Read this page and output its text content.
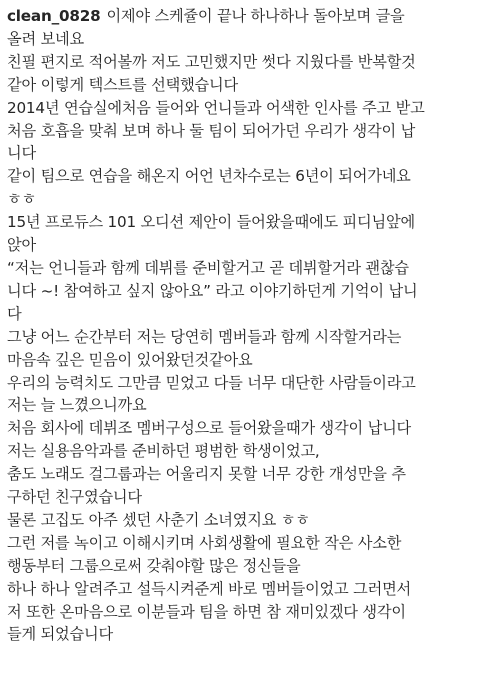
clean_0828 이제야 스케쥴이 끝나 하나하나 돌아보며 글을
올려 보네요
친필 편지로 적어볼까 저도 고민했지만 썻다 지웠다를 반복할것
같아 이렇게 텍스트를 선택했습니다
2014년 연습실에처음 들어와 언니들과 어색한 인사를 주고 받고
처음 호흡을 맞춰 보며 하나 둘 팀이 되어가던 우리가 생각이 납
니다
같이 팀으로 연습을 해온지 어언 년차수로는 6년이 되어가네요
ㅎㅎ
15년 프로듀스 101 오디션 제안이 들어왔을때에도 피디님앞에
앉아
“저는 언니들과 함께 데뷔를 준비할거고 곧 데뷔할거라 괜찮습
니다 ~! 참여하고 싶지 않아요” 라고 이야기하던게 기억이 납니
다
그냥 어느 순간부터 저는 당연히 멤버들과 함께 시작할거라는
마음속 깊은 믿음이 있어왔던것같아요
우리의 능력치도 그만큼 믿었고 다들 너무 대단한 사람들이라고
저는 늘 느꼈으니까요
처음 회사에 데뷔조 멤버구성으로 들어왔을때가 생각이 납니다
저는 실용음악과를 준비하던 평범한 학생이었고,
춤도 노래도 걸그룹과는 어울리지 못할 너무 강한 개성만을 추
구하던 친구였습니다
물론 고집도 아주 셌던 사춘기 소녀였지요 ㅎㅎ
그런 저를 녹이고 이해시키며 사회생활에 필요한 작은 사소한
행동부터 그룹으로써 갖춰야할 많은 정신들을
하나 하나 알려주고 설득시켜준게 바로 멤버들이었고 그러면서
저 또한 온마음으로 이분들과 팀을 하면 참 재미있겠다 생각이
들게 되었습니다
